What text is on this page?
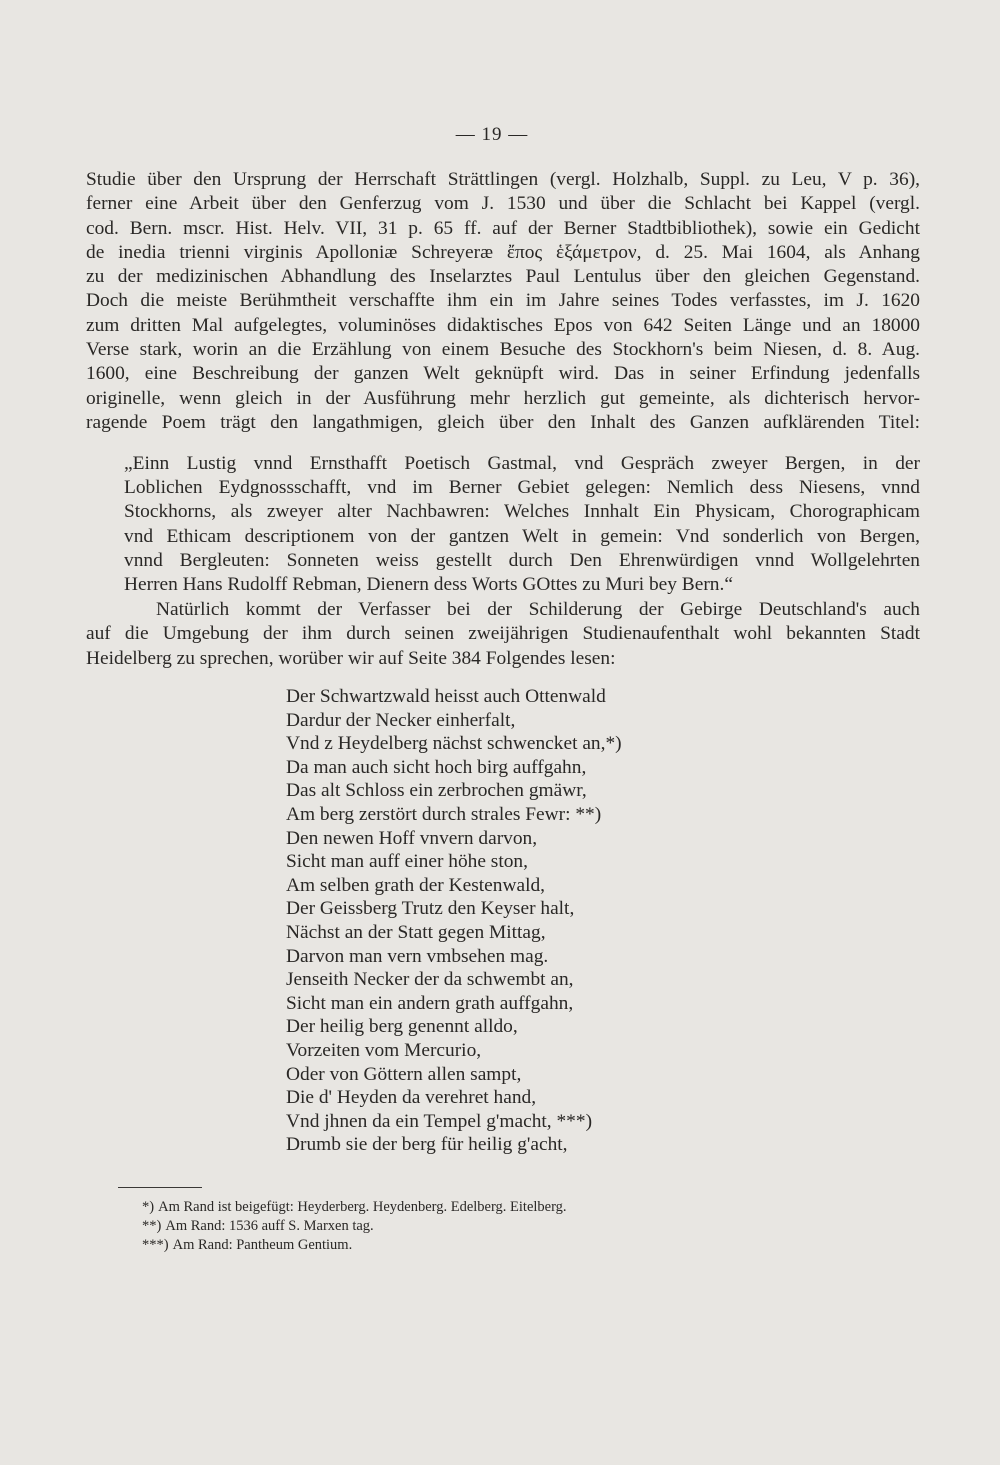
— 19 —
Studie über den Ursprung der Herrschaft Strättlingen (vergl. Holzhalb, Suppl. zu Leu, V p. 36),
ferner eine Arbeit über den Genferzug vom J. 1530 und über die Schlacht bei Kappel (vergl.
cod. Bern. mscr. Hist. Helv. VII, 31 p. 65 ff. auf der Berner Stadtbibliothek), sowie ein Gedicht
de inedia trienni virginis Apolloniæ Schreyeræ ἔπος ἑξάμετρον, d. 25. Mai 1604, als Anhang
zu der medizinischen Abhandlung des Inselarztes Paul Lentulus über den gleichen Gegenstand.
Doch die meiste Berühmtheit verschaffte ihm ein im Jahre seines Todes verfasstes, im J. 1620
zum dritten Mal aufgelegtes, voluminöses didaktisches Epos von 642 Seiten Länge und an 18000
Verse stark, worin an die Erzählung von einem Besuche des Stockhorn's beim Niesen, d. 8. Aug.
1600, eine Beschreibung der ganzen Welt geknüpft wird. Das in seiner Erfindung jedenfalls
originelle, wenn gleich in der Ausführung mehr herzlich gut gemeinte, als dichterisch hervor-
ragende Poem trägt den langathmigen, gleich über den Inhalt des Ganzen aufklärenden Titel:
„Einn Lustig vnnd Ernsthafft Poetisch Gastmal, vnd Gespräch zweyer Bergen, in der
Loblichen Eydgnossschafft, vnd im Berner Gebiet gelegen: Nemlich dess Niesens, vnnd
Stockhorns, als zweyer alter Nachbawren: Welches Innhalt Ein Physicam, Chorographicam
vnd Ethicam descriptionem von der gantzen Welt in gemein: Vnd sonderlich von Bergen,
vnnd Bergleuten: Sonneten weiss gestellt durch Den Ehrenwürdigen vnnd Wollgelehrten
Herren Hans Rudolff Rebman, Dienern dess Worts GOttes zu Muri bey Bern.“
Natürlich kommt der Verfasser bei der Schilderung der Gebirge Deutschland's auch
auf die Umgebung der ihm durch seinen zweijährigen Studienaufenthalt wohl bekannten Stadt
Heidelberg zu sprechen, worüber wir auf Seite 384 Folgendes lesen:
Der Schwartzwald heisst auch Ottenwald
Dardur der Necker einherfalt,
Vnd z Heydelberg nächst schwencket an,*)
Da man auch sicht hoch birg auffgahn,
Das alt Schloss ein zerbrochen gmäwr,
Am berg zerstört durch strales Fewr: **)
Den newen Hoff vnvern darvon,
Sicht man auff einer höhe ston,
Am selben grath der Kestenwald,
Der Geissberg Trutz den Keyser halt,
Nächst an der Statt gegen Mittag,
Darvon man vern vmbsehen mag.
Jenseith Necker der da schwembt an,
Sicht man ein andern grath auffgahn,
Der heilig berg genennt alldo,
Vorzeiten vom Mercurio,
Oder von Göttern allen sampt,
Die d' Heyden da verehret hand,
Vnd jhnen da ein Tempel g'macht, ***)
Drumb sie der berg für heilig g'acht,
*) Am Rand ist beigefügt: Heyderberg. Heydenberg. Edelberg. Eitelberg.
**) Am Rand: 1536 auff S. Marxen tag.
***) Am Rand: Pantheum Gentium.
